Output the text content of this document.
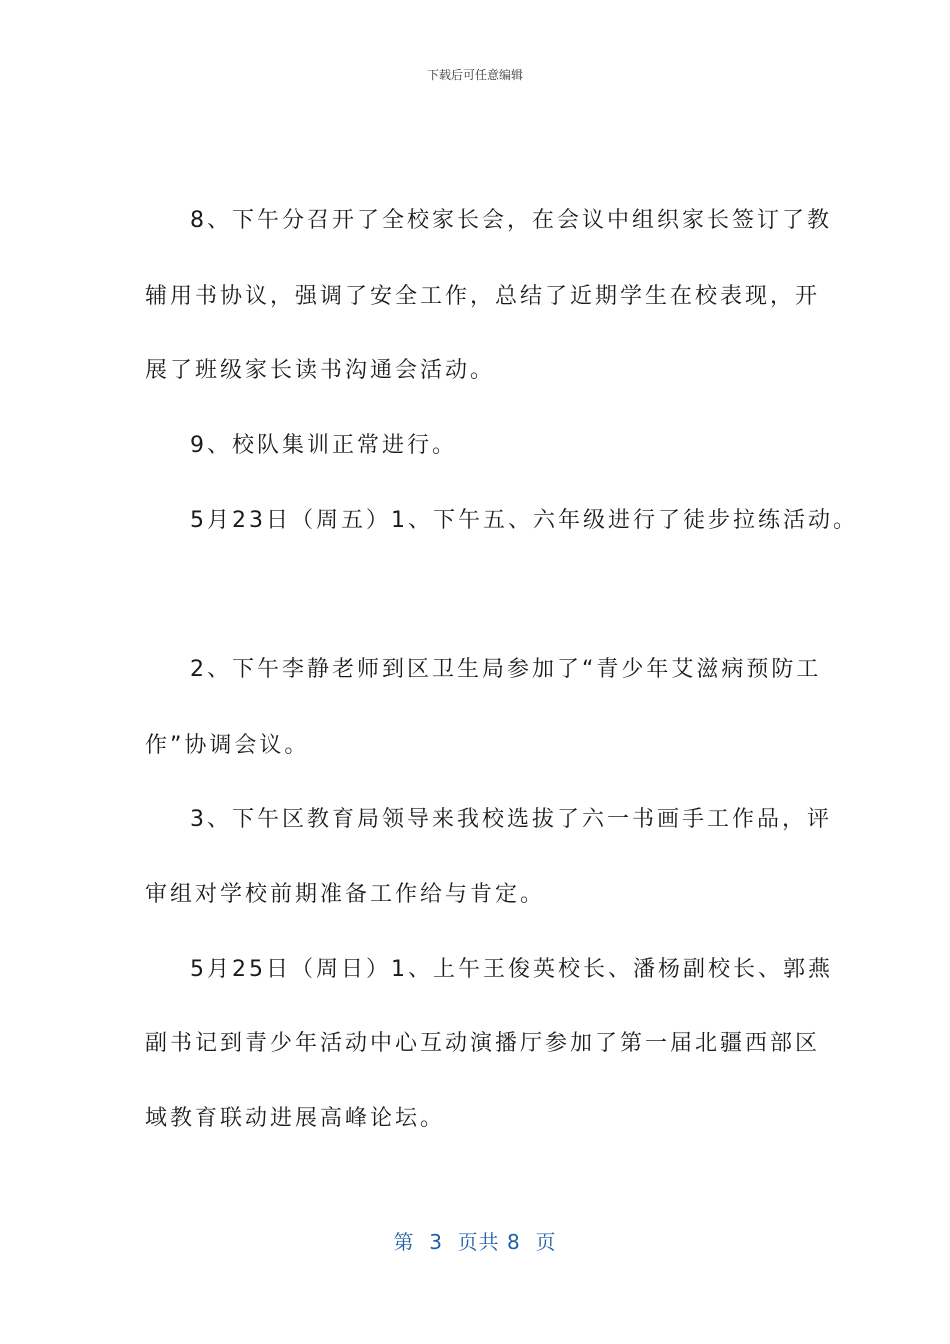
下载后可任意编辑
8、下午分召开了全校家长会，在会议中组织家长签订了教
辅用书协议，强调了安全工作，总结了近期学生在校表现，开
展了班级家长读书沟通会活动。
9、校队集训正常进行。
5月23日（周五）1、下午五、六年级进行了徒步拉练活动。
2、下午李静老师到区卫生局参加了“青少年艾滋病预防工
作”协调会议。
3、下午区教育局领导来我校选拔了六一书画手工作品，评
审组对学校前期准备工作给与肯定。
5月25日（周日）1、上午王俊英校长、潘杨副校长、郭燕
副书记到青少年活动中心互动演播厅参加了第一届北疆西部区
域教育联动进展高峰论坛。
第  3  页共 8  页
